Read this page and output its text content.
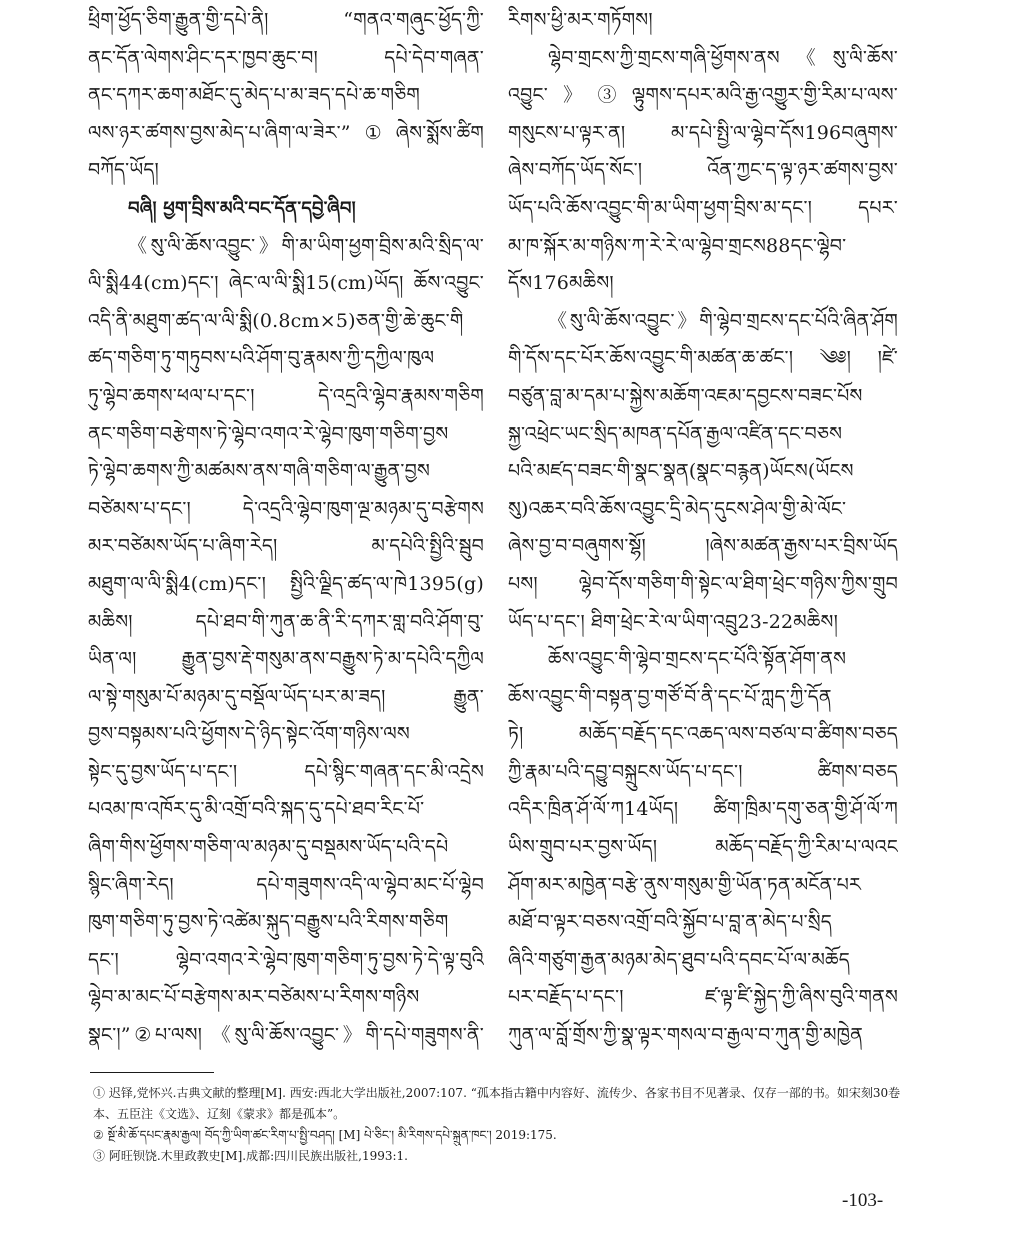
ཕྲིག་ཕྱོད་ཅིག་རྒྱུན་གྱི་དཔེ་ནི། “གནའ་གཞུང་ཕྱོད་ཀྱི་
ནང་དོན་ལེགས་ཤིང་དར་ཁྱབ་ཆུང་བ། དཔེ་དེབ་གཞན་
ནང་དཀར་ཆག་མཐོང་དུ་མེད་པ་མ་ཟད་དཔེ་ཆ་གཅིག
ལས་ཉར་ཚགས་བྱས་མེད་པ་ཞིག་ལ་ཟེར་”①ཞེས་སྨོས་ཚིག
བཀོད་ཡོད།
བཞི། ཕྱག་བྲིས་མའི་བང་དོན་དབྱེ་ཞིབ།
《སུ་ལི་ཆོས་འབྱུང་》གི་མ་ཡིག་ཕྱག་བྲིས་མའི་སྲིད་ལ་
ལི་སྨི44(cm)དང་། ཞེང་ལ་ལི་སྨི15(cm)ཡོད། ཆོས་འབྱུང་
འདི་ནི་མཐུག་ཚད་ལ་ལི་སྨི(0.8cm×5)ཅན་གྱི་ཆེ་ཆུང་གི
ཚད་གཅིག་ཏུ་གཏུབས་པའི་ཤོག་བུ་རྣམས་ཀྱི་དཀྱིལ་ཁུལ
ཏུ་ལྷེབ་ཆགས་ཕལ་པ་དང་། དེ་འདྲའི་ལྷེབ་རྣམས་གཅིག
ནང་གཅིག་བརྩེགས་ཏེ་ལྷེབ་འགའ་རེ་ལྷེབ་ཁུག་གཅིག་བྱས
ཏེ་ལྷེབ་ཆགས་ཀྱི་མཚམས་ནས་གཞི་གཅིག་ལ་རྒྱུན་བྱས
བཙེམས་པ་དང་། དེ་འདྲའི་ལྷེབ་ཁུག་ལྔ་མཉམ་དུ་བརྩེགས
མར་བཙེམས་ཡོད་པ་ཞིག་རེད། མ་དཔེའི་སྤྱིའི་སྦུབ
མཐུག་ལ་ལི་སྨི4(cm)དང་། སྤྱིའི་ལྗིད་ཚད་ལ་ཁེ1395(g)
མཆིས། དཔེ་ཐབ་གི་ཀུན་ཆ་ནི་རི་དཀར་གླ་བའི་ཤོག་བུ་
ཡིན་ལ། རྒྱུན་བྱས་རྡེ་གསུམ་ནས་བརྒྱུས་ཏེ་མ་དཔེའི་དཀྱིལ
ལ་སྟེ་གསུམ་པོ་མཉམ་དུ་བསྡོལ་ཡོད་པར་མ་ཟད། རྒྱུན་
བྱས་བསྟམས་པའི་ཕྱོགས་དེ་ཉིད་སྟེང་འོག་གཉིས་ལས
སྟེང་དུ་བྱས་ཡོད་པ་དང་། དཔེ་སྙིང་གཞན་དང་མི་འདྲེས
པའམ་ཁ་འཁོར་དུ་མི་འགྲོ་བའི་སྐད་དུ་དཔེ་ཐབ་རིང་པོ་
ཞིག་གིས་ཕྱོགས་གཅིག་ལ་མཉམ་དུ་བསྡམས་ཡོད་པའི་དཔེ
སྙིང་ཞིག་རེད། དཔེ་གཟུགས་འདི་ལ་ལྷེབ་མང་པོ་ལྷེབ
ཁུག་གཅིག་ཏུ་བྱས་ཏེ་འཚེམ་སྐུད་བརྒྱུས་པའི་རིགས་གཅིག
དང་། ལྷེབ་འགའ་རེ་ལྷེབ་ཁུག་གཅིག་ཏུ་བྱས་ཏེ་དེ་ལྟ་བུའི
ལྷེབ་མ་མང་པོ་བརྩེགས་མར་བཙེམས་པ་རིགས་གཉིས
སྣང་།”②པ་ལས། 《སུ་ལི་ཆོས་འབྱུང་》གི་དཔེ་གཟུགས་ནི་
རིགས་ཕྱི་མར་གཏོགས།
ལྷེབ་གྲངས་ཀྱི་གྲངས་གཞི་ཕྱོགས་ནས《སུ་ལི་ཆོས་
འབྱུང་》③ལྟུགས་དཔར་མའི་རྒྱ་འགྱུར་གྱི་རིམ་པ་ལས་
གསུངས་པ་ལྟར་ན། མ་དཔེ་སྤྱི་ལ་ལྷེབ་དོས196བཞུགས་
ཞེས་བཀོད་ཡོད་སོང་། འོན་ཀྱང་ད་ལྟ་ཉར་ཚགས་བྱས་
ཡོད་པའི་ཆོས་འབྱུང་གི་མ་ཡིག་ཕྱག་བྲིས་མ་དང་། དཔར་
མ་ཁ་སྐོར་མ་གཉིས་ཀ་རེ་རེ་ལ་ལྷེབ་གྲངས88དང་ལྷེབ་
དོས176མཆིས།
《སུ་ལི་ཆོས་འབྱུང་》གི་ལྷེབ་གྲངས་དང་པོའི་ཞིན་ཤོག
གི་དོས་དང་པོར་ཆོས་འབྱུང་གི་མཚན་ཆ་ཚང་། ༄༅། །ཛེ་
བཙུན་བླ་མ་དམ་པ་སྐྱེས་མཆོག་འཇམ་དབྱངས་བཟང་པོས
སྐྱ་འཕྲེང་ཡང་སྲིད་མཁན་དཔོན་རྒྱལ་འཛིན་དང་བཅས
པའི་མཛད་བཟང་གི་སྣང་སྣན(སྣང་བརྙན)ཡོངས(ཡོངས
སུ)འཆར་བའི་ཆོས་འབྱུང་དྲི་མེད་དུངས་ཤེལ་གྱི་མེ་ལོང་
ཞེས་བྱ་བ་བཞུགས་སྷོ། །ཞེས་མཚན་རྒྱས་པར་བྲིས་ཡོད
པས། ལྷེབ་དོས་གཅིག་གི་སྟེང་ལ་ཐིག་ཕྲེང་གཉིས་ཀྱིས་གྲུབ
ཡོད་པ་དང་། ཐིག་ཕྲེང་རེ་ལ་ཡིག་འབྲུ23-22མཆིས།
ཆོས་འབྱུང་གི་ལྷེབ་གྲངས་དང་པོའི་སྟོན་ཤོག་ནས
ཆོས་འབྱུང་གི་བསྟན་བྱ་གཙོ་བོ་ནི་དང་པོ་ཀླད་ཀྱི་དོན
ཏེ། མཆོད་བརྗོད་དང་འཆད་ལས་བཙལ་བ་ཚིགས་བཅད
ཀྱི་རྣམ་པའི་དབྱུ་བསྐྲུངས་ཡོད་པ་དང་། ཚིགས་བཅད
འདིར་ཁྲིན་ཤོ་ལོ་ཀ14ཡོད། ཚིག་ཁྲིམ་དགུ་ཅན་གྱི་ཤོ་ལོ་ཀ
ཡིས་གྲུབ་པར་བྱས་ཡོད། མཆོད་བརྗོད་ཀྱི་རིམ་པ་ལའང
ཤོག་མར་མཁྱེན་བརྩེ་ནུས་གསུམ་གྱི་ཡོན་ཏན་མངོན་པར
མཐོ་བ་ལྟར་བཅས་འགྲོ་བའི་སྐྱོབ་པ་བླ་ན་མེད་པ་སྲིད
ཞིའི་གཙུག་རྒྱན་མཉམ་མེད་ཐུབ་པའི་དབང་པོ་ལ་མཆོད
པར་བརྗོད་པ་དང་། ཛ་ལྟ་ཛི་སྐྱེད་ཀྱི་ཞིས་བུའི་གནས
ཀུན་ལ་བློ་གྲོས་ཀྱི་སྣ་ལྟར་གསལ་བ་རྒྱལ་བ་ཀུན་གྱི་མཁྱེན

① 迟铎,党怀兴.古典文献的整理[M]. 西安:西北大学出版社,2007:107. “孤本指古籍中内容好、流传少、各家书目不见著录、仅存一部的书。如宋刻30卷本、五臣注《文选》、辽刻《蒙求》都是孤本”。

② སྔོ་མི་ཆོ་དཔང་རྣམ་རྒྱལ། བོད་ཀྱི་ཡིག་ཚང་རིག་པ་སྤྱི་བཤད། [M] པེ་ཅིང་། མི་རིགས་དཔེ་སྐྲུན་ཁང་། 2019:175.

③ 阿旺钡饶.木里政教史[M].成都:四川民族出版社,1993:1.

-103-
